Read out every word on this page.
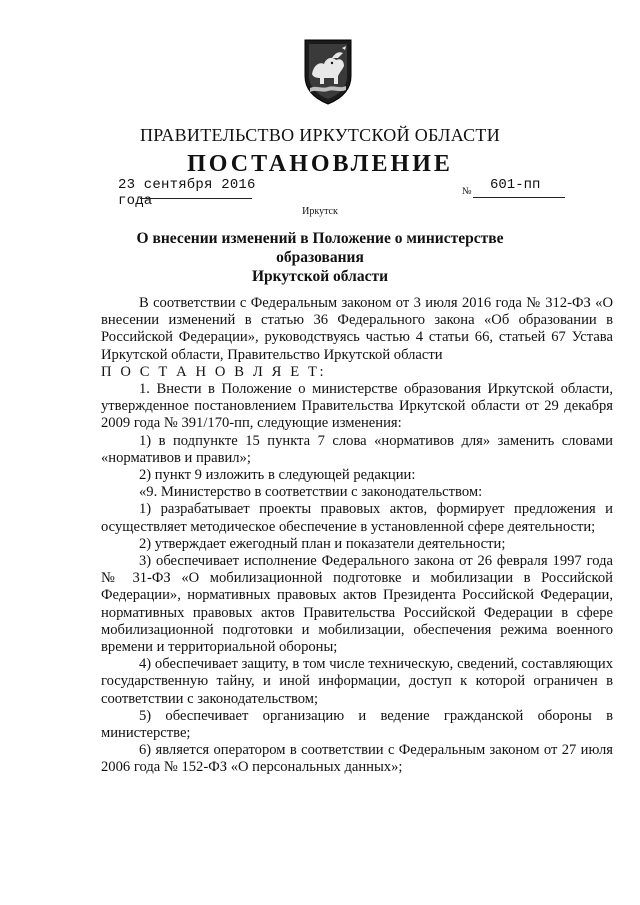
ПРАВИТЕЛЬСТВО ИРКУТСКОЙ ОБЛАСТИ
ПОСТАНОВЛЕНИЕ
23 сентября 2016 года
№ 601-пп
Иркутск
О внесении изменений в Положение о министерстве образования
Иркутской области

В соответствии с Федеральным законом от 3 июля 2016 года № 312-ФЗ «О внесении изменений в статью 36 Федерального закона «Об образовании в Российской Федерации», руководствуясь частью 4 статьи 66, статьей 67 Устава Иркутской области, Правительство Иркутской области

П О С Т А Н О В Л Я Е Т:

1. Внести в Положение о министерстве образования Иркутской области, утвержденное постановлением Правительства Иркутской области от 29 декабря 2009 года № 391/170-пп, следующие изменения:

1) в подпункте 15 пункта 7 слова «нормативов для» заменить словами «нормативов и правил»;

2) пункт 9 изложить в следующей редакции:

«9. Министерство в соответствии с законодательством:

1) разрабатывает проекты правовых актов, формирует предложения и осуществляет методическое обеспечение в установленной сфере деятельности;

2) утверждает ежегодный план и показатели деятельности;

3) обеспечивает исполнение Федерального закона от 26 февраля 1997 года № 31-ФЗ «О мобилизационной подготовке и мобилизации в Российской Федерации», нормативных правовых актов Президента Российской Федерации, нормативных правовых актов Правительства Российской Федерации в сфере мобилизационной подготовки и мобилизации, обеспечения режима военного времени и территориальной обороны;

4) обеспечивает защиту, в том числе техническую, сведений, составляющих государственную тайну, и иной информации, доступ к которой ограничен в соответствии с законодательством;

5) обеспечивает организацию и ведение гражданской обороны в министерстве;

6) является оператором в соответствии с Федеральным законом от 27 июля 2006 года № 152-ФЗ «О персональных данных»;
